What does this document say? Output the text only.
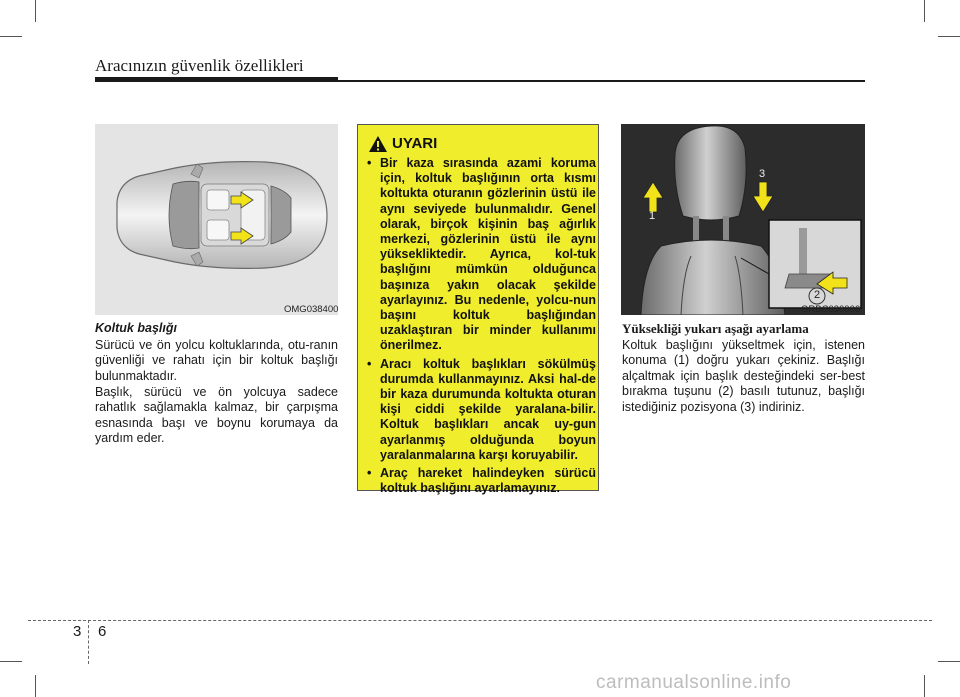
Aracınızın güvenlik özellikleri
OMG038400
Koltuk başlığı

Sürücü ve ön yolcu koltuklarında, otu-ranın güvenliği ve rahatı için bir koltuk başlığı bulunmaktadır.

Başlık, sürücü ve ön yolcuya sadece rahatlık sağlamakla kalmaz, bir çarpışma esnasında başı ve boynu korumaya da yardım eder.

UYARI
• Bir kaza sırasında azami koruma için, koltuk başlığının orta kısmı koltukta oturanın gözlerinin üstü ile aynı seviyede bulunmalıdır. Genel olarak, birçok kişinin baş ağırlık merkezi, gözlerinin üstü ile aynı yüksekliktedir. Ayrıca, kol-tuk başlığını mümkün olduğunca başınıza yakın olacak şekilde ayarlayınız. Bu nedenle, yolcu-nun başını koltuk başlığından uzaklaştıran bir minder kullanımı önerilmez.
• Aracı koltuk başlıkları sökülmüş durumda kullanmayınız. Aksi hal-de bir kaza durumunda koltukta oturan kişi ciddi şekilde yaralana-bilir. Koltuk başlıkları ancak uy-gun ayarlanmış olduğunda boyun yaralanmalarına karşı koruyabilir.
• Araç hareket halindeyken sürücü koltuk başlığını ayarlamayınız.
1
3
2
ORBC030006
Yüksekliği yukarı aşağı ayarlama

Koltuk başlığını yükseltmek için, istenen konuma (1) doğru yukarı çekiniz. Başlığı alçaltmak için başlık desteğindeki ser-best bırakma tuşunu (2) basılı tutunuz, başlığı istediğiniz pozisyona (3) indiriniz.

3 6
carmanualsonline.info
